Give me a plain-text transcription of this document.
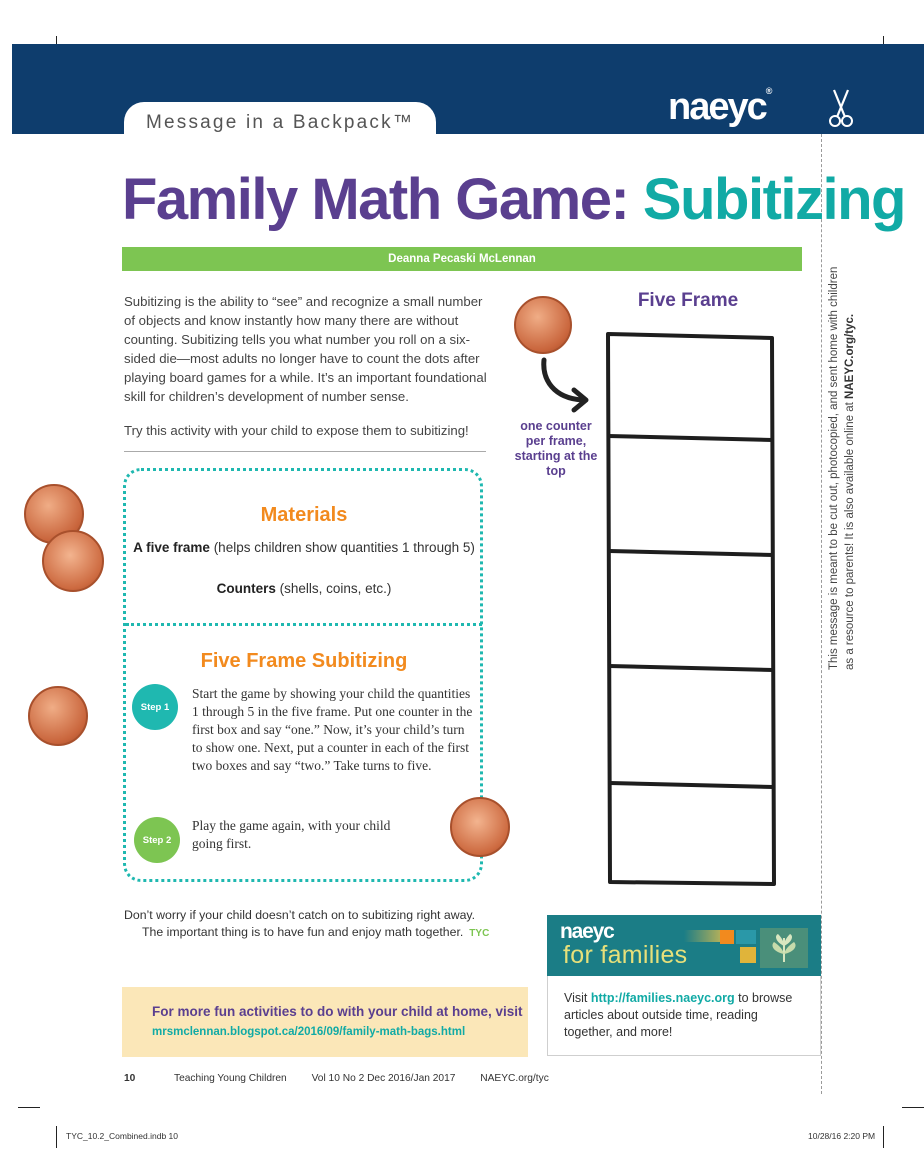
Message in a Backpack™	naeyc®
This message is meant to be cut out, photocopied, and sent home with children as a resource to parents! It is also available online at NAEYC.org/tyc.
Family Math Game: Subitizing
Deanna Pecaski McLennan
Subitizing is the ability to “see” and recognize a small number of objects and know instantly how many there are without counting. Subitizing tells you what number you roll on a six-sided die—most adults no longer have to count the dots after playing board games for a while. It’s an important foundational skill for children’s development of number sense.
Try this activity with your child to expose them to subitizing!
Materials
A five frame (helps children show quantities 1 through 5)
Counters (shells, coins, etc.)
Five Frame Subitizing
Step 1
Start the game by showing your child the quantities 1 through 5 in the five frame. Put one counter in the first box and say “one.” Now, it’s your child’s turn to show one. Next, put a counter in each of the first two boxes and say “two.” Take turns to five.
Step 2
Play the game again, with your child going first.
Don’t worry if your child doesn’t catch on to subitizing right away.
The important thing is to have fun and enjoy math together. TYC
For more fun activities to do with your child at home, visit
mrsmclennan.blogspot.ca/2016/09/family-math-bags.html
Five Frame
one counter per frame, starting at the top
naeyc
for families
Visit http://families.naeyc.org to browse articles about outside time, reading together, and more!
10	Teaching Young Children Vol 10 No 2 Dec 2016/Jan 2017 NAEYC.org/tyc
TYC_10.2_Combined.indb 10	10/28/16 2:20 PM
